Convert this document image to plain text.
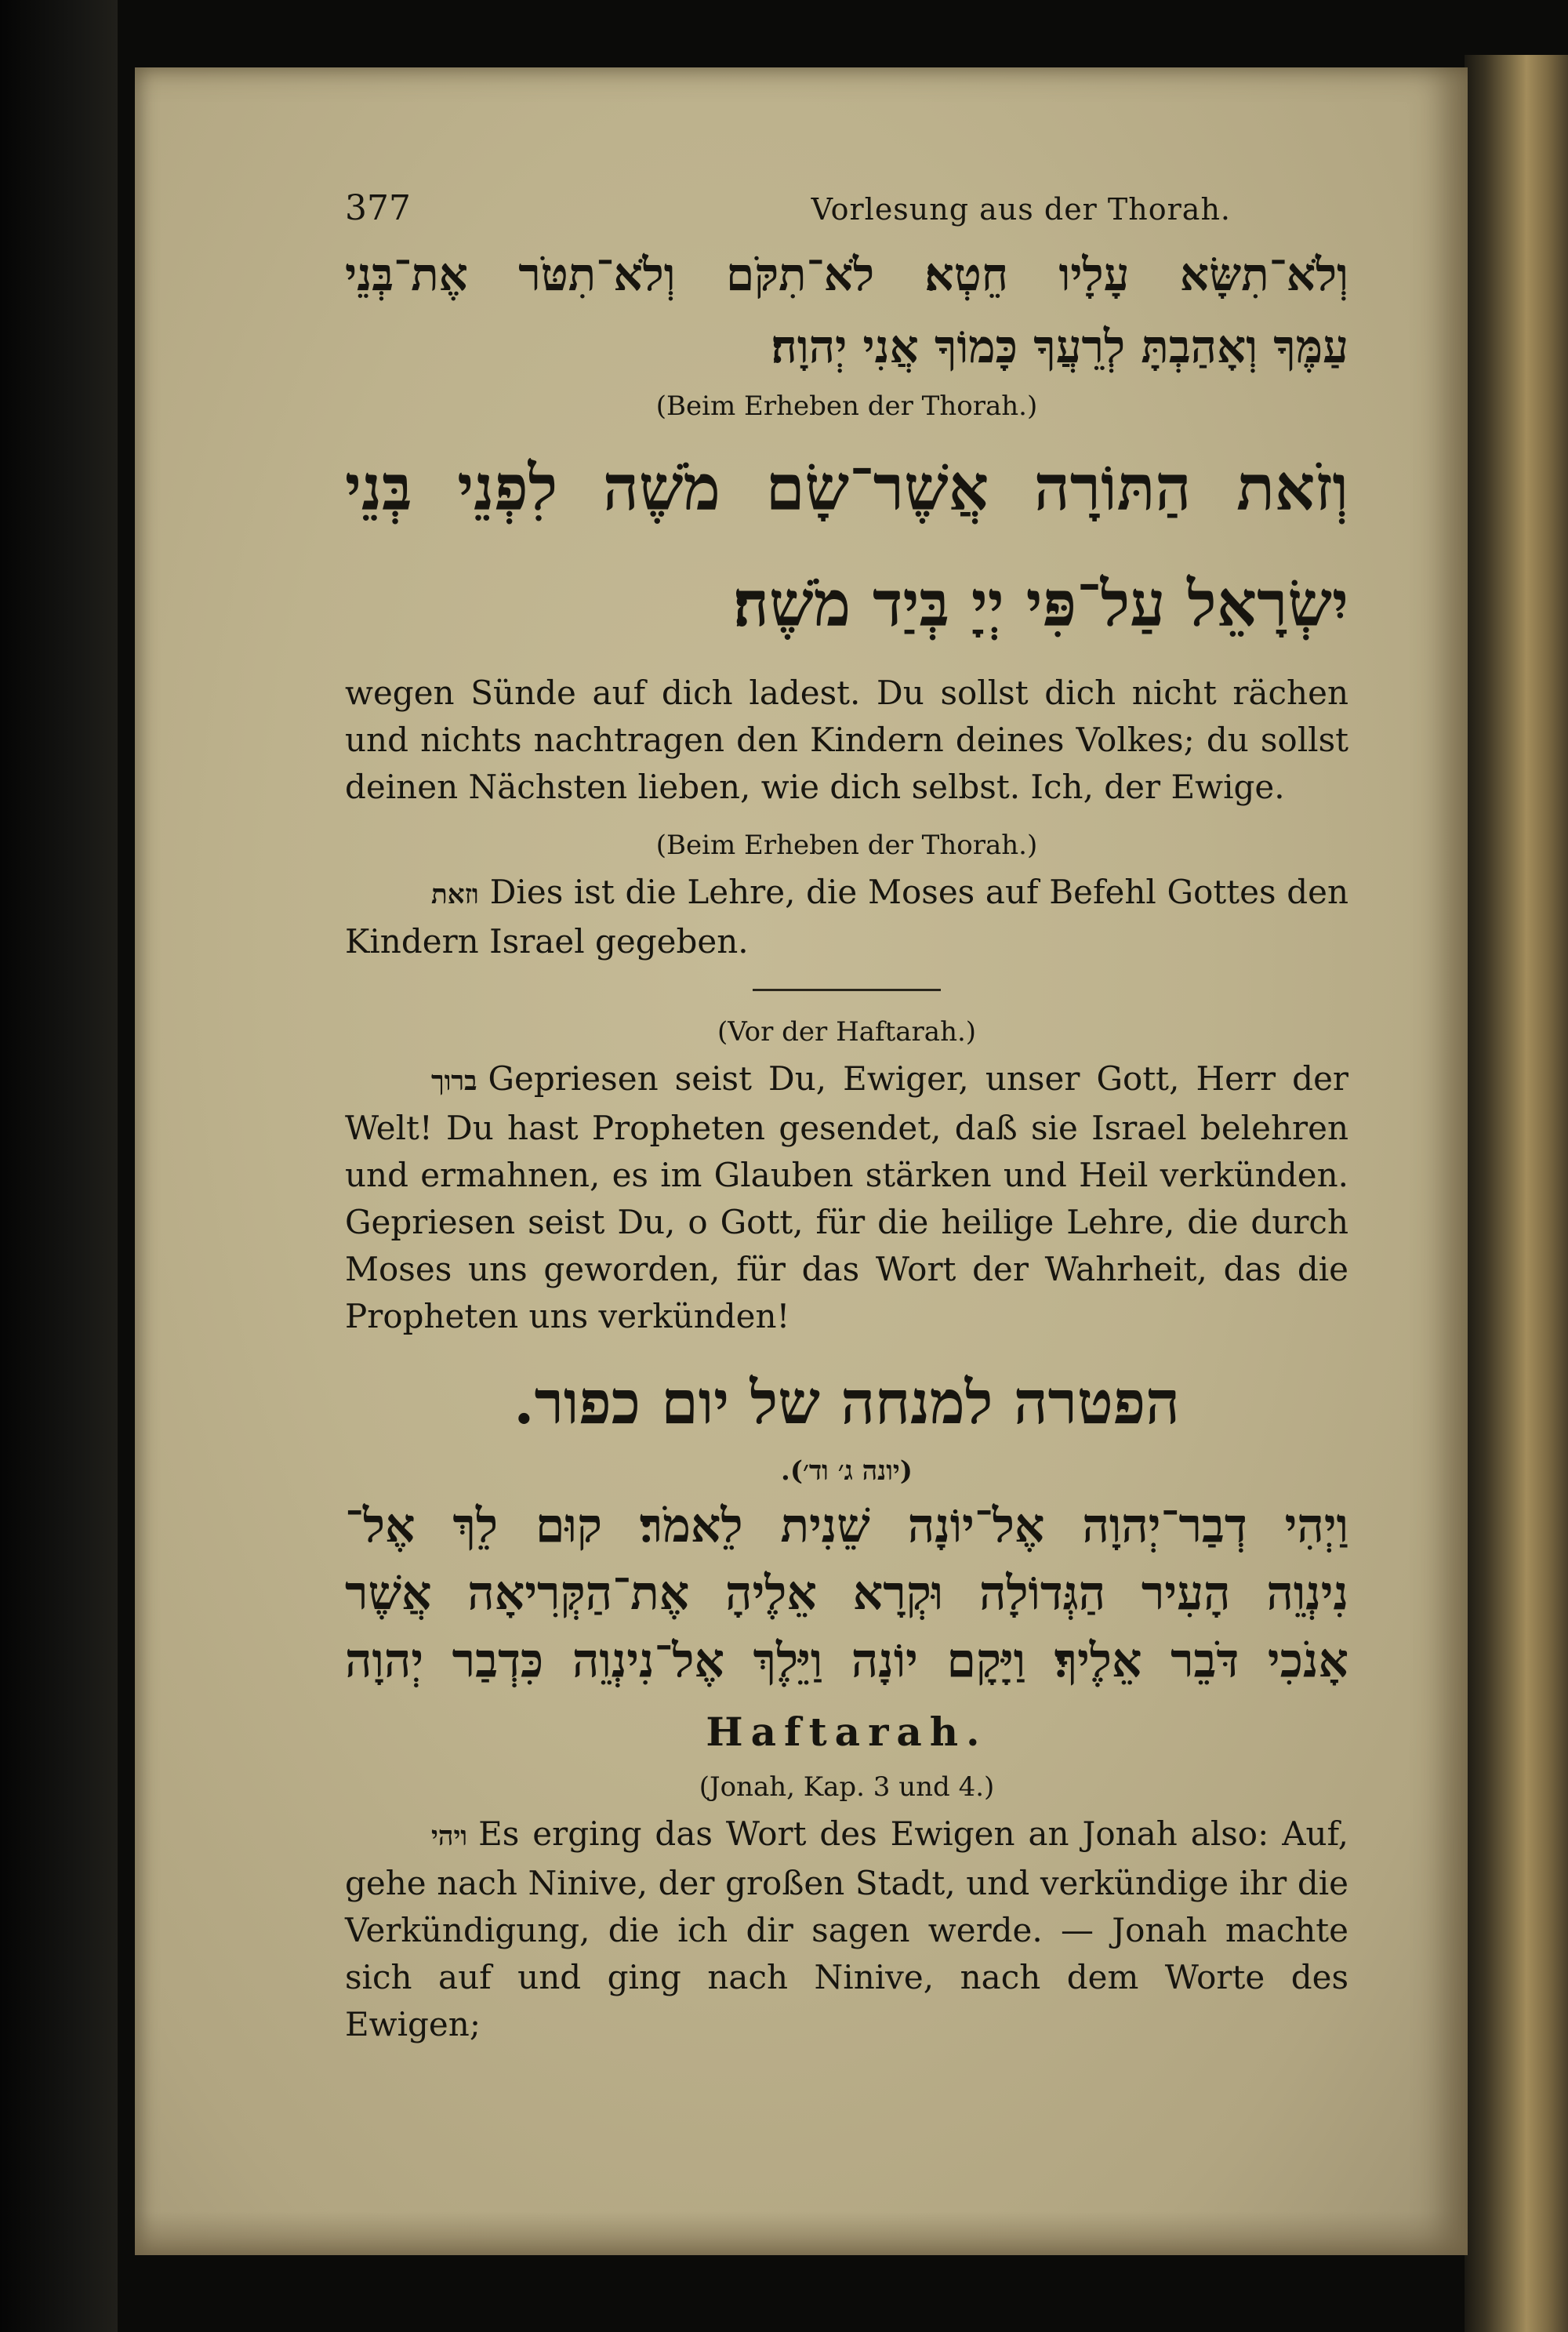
377	Vorlesung aus der Thorah.
וְלֹא־תִשָּׂא עָלָיו חֵטְא׃ לֹא־תִקֹּם וְלֹא־תִטֹּר אֶת־בְּנֵי
עַמֶּךָ וְאָהַבְתָּ לְרֵעֲךָ כָּמוֹךָ אֲנִי יְהוָה׃
(Beim Erheben der Thorah.)
וְזֹאת הַתּוֹרָה אֲשֶׁר־שָׂם מֹשֶׁה לִפְנֵי בְּנֵי
יִשְׂרָאֵל עַל־פִּי יְיָ בְּיַד מֹשֶׁה׃

wegen Sünde auf dich ladest. Du sollst dich nicht rächen und nichts nachtragen den Kindern deines Volkes; du sollst deinen Nächsten lieben, wie dich selbst. Ich, der Ewige.

(Beim Erheben der Thorah.)

וזאת Dies ist die Lehre, die Moses auf Befehl Gottes den Kindern Israel gegeben.

(Vor der Haftarah.)

ברוך Gepriesen seist Du, Ewiger, unser Gott, Herr der Welt! Du hast Propheten gesendet, daß sie Israel belehren und ermahnen, es im Glauben stärken und Heil verkünden. Gepriesen seist Du, o Gott, für die heilige Lehre, die durch Moses uns geworden, für das Wort der Wahrheit, das die Propheten uns verkünden!

הפטרה למנחה של יום כפור.
(יונה ג׳ וד׳).
וַיְהִי דְבַר־יְהוָה אֶל־יוֹנָה שֵׁנִית לֵאמֹר׃ קוּם לֵךְ אֶל־
נִינְוֵה הָעִיר הַגְּדוֹלָה וּקְרָא אֵלֶיהָ אֶת־הַקְּרִיאָה אֲשֶׁר
אָנֹכִי דֹּבֵר אֵלֶיךָ׃ וַיָּקָם יוֹנָה וַיֵּלֶךְ אֶל־נִינְוֵה כִּדְבַר יְהוָה
Haftarah.
(Jonah, Kap. 3 und 4.)

ויהי Es erging das Wort des Ewigen an Jonah also: Auf, gehe nach Ninive, der großen Stadt, und verkündige ihr die Verkündigung, die ich dir sagen werde. — Jonah machte sich auf und ging nach Ninive, nach dem Worte des Ewigen;
